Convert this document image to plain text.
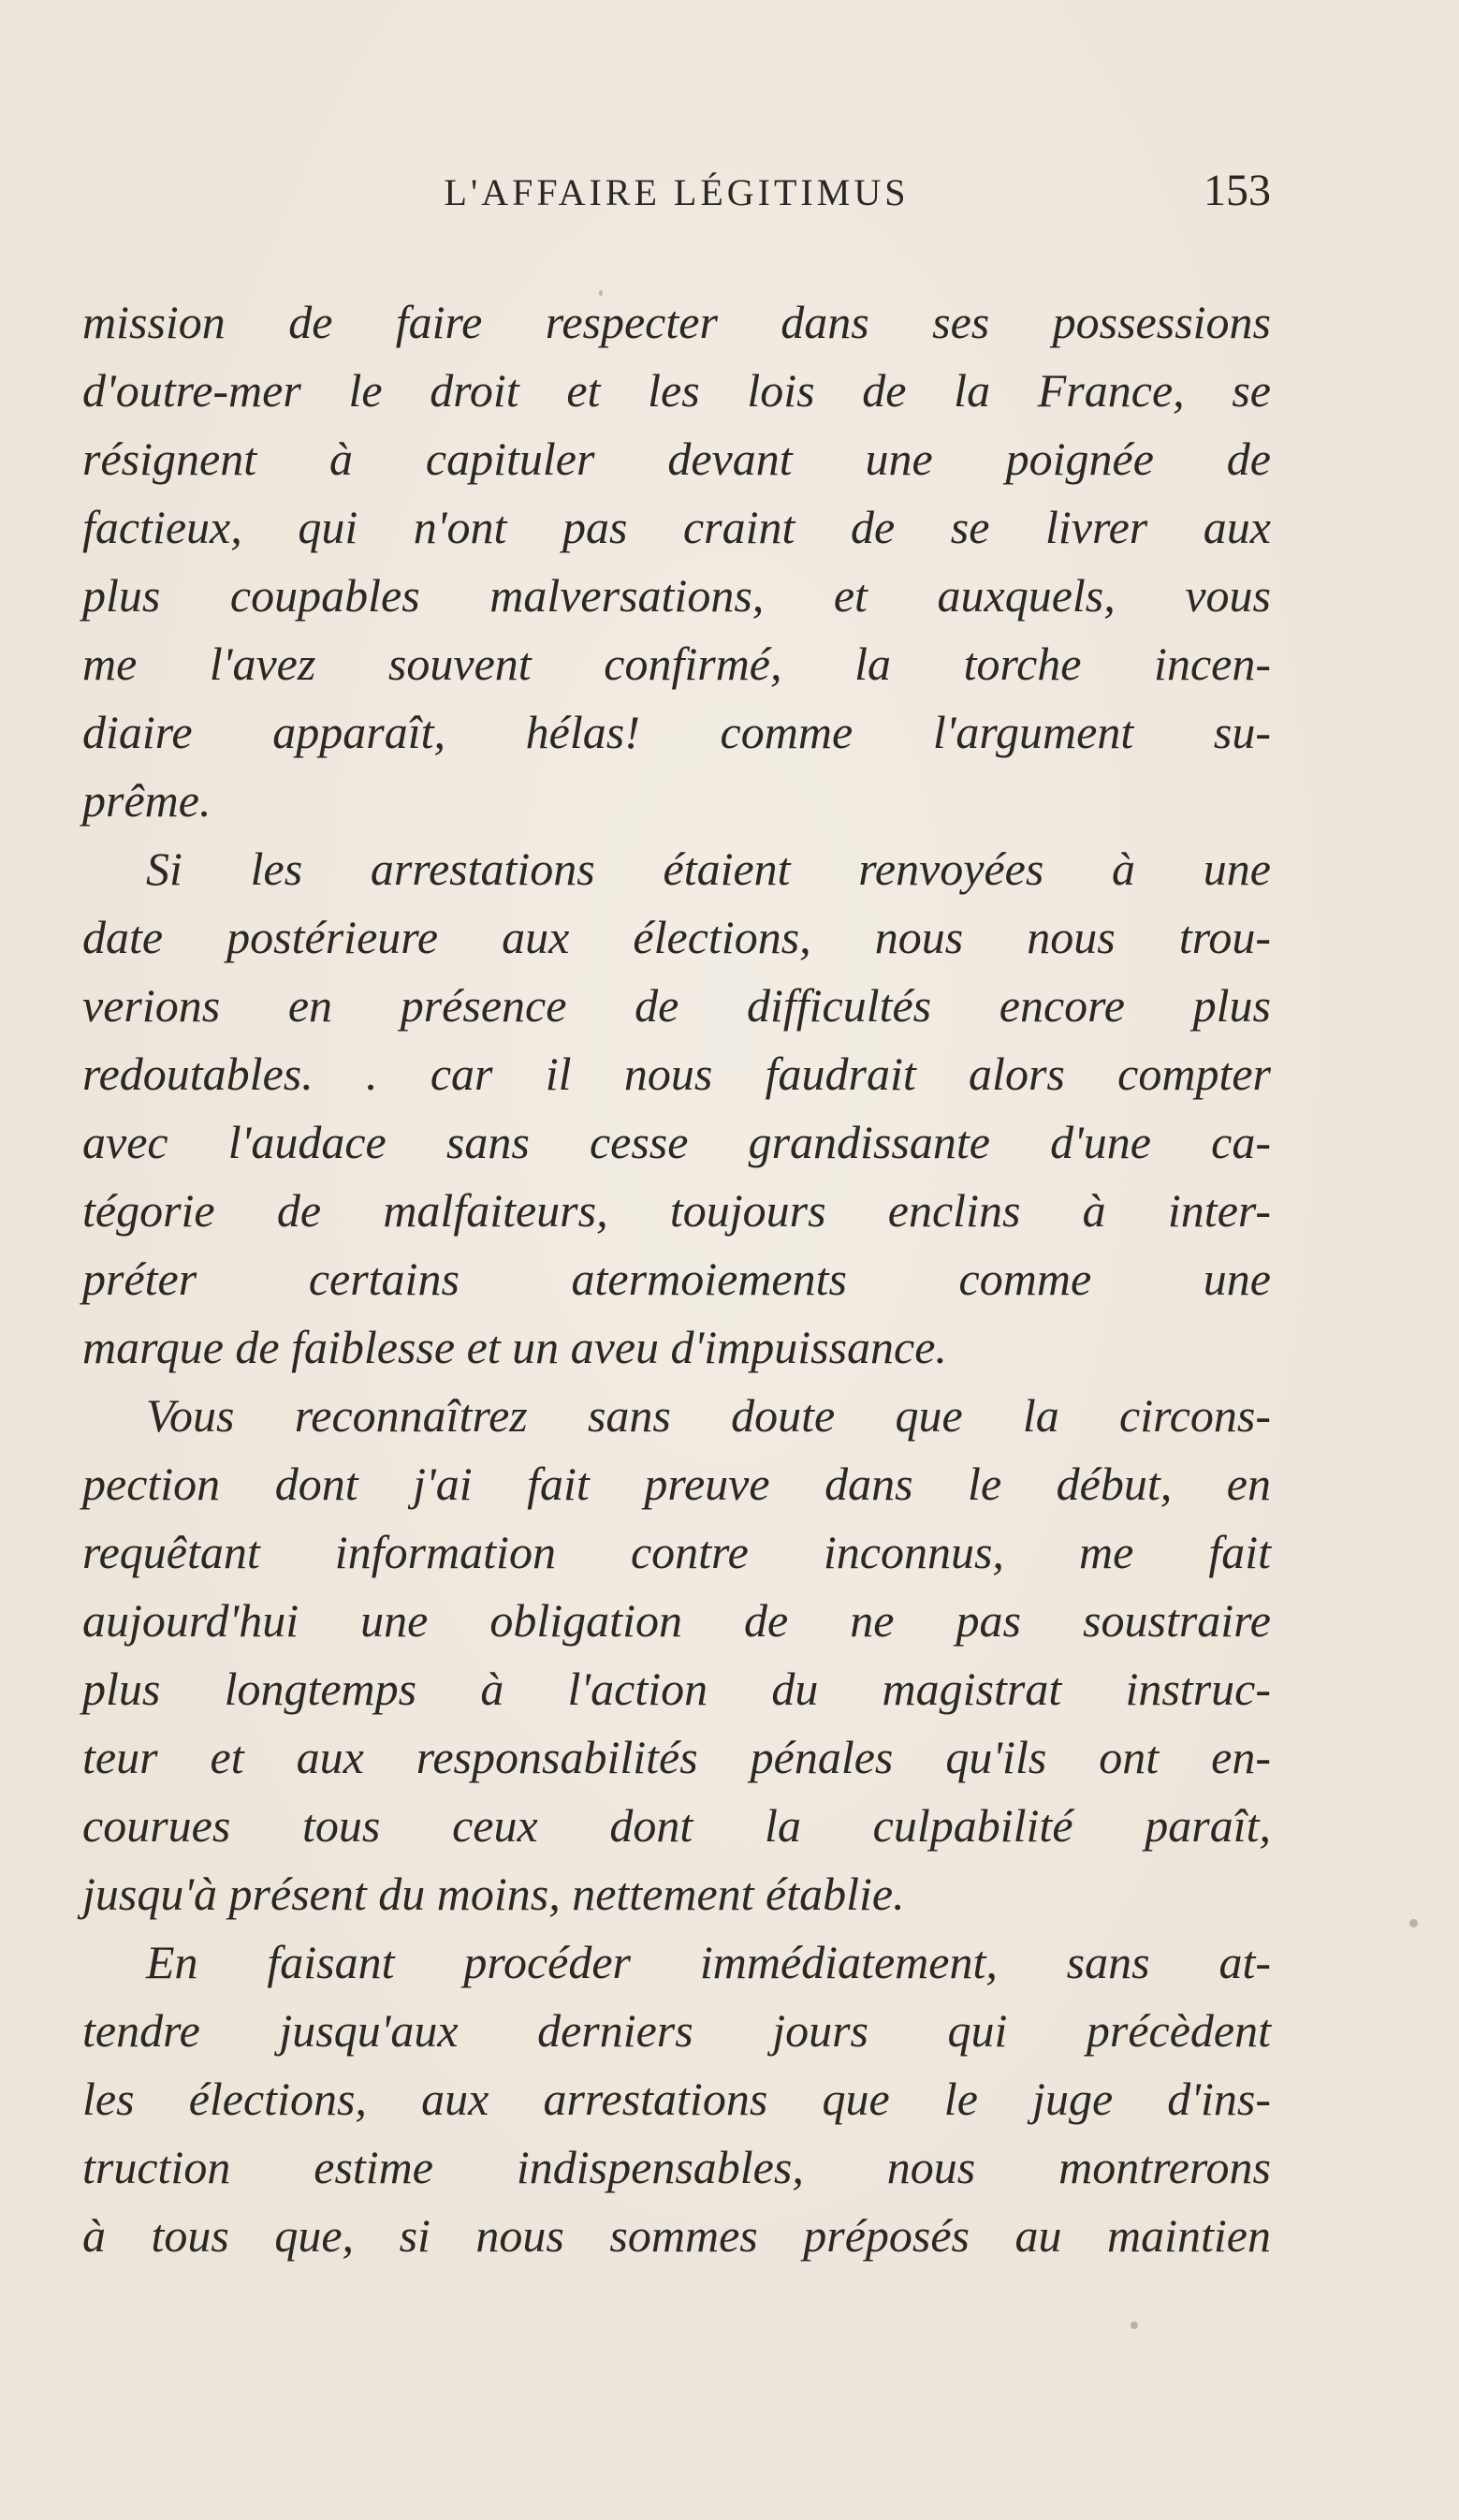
L'AFFAIRE LÉGITIMUS	153
mission de faire respecter dans ses possessions
d'outre-mer le droit et les lois de la France, se
résignent à capituler devant une poignée de
factieux, qui n'ont pas craint de se livrer aux
plus coupables malversations, et auxquels, vous
me l'avez souvent confirmé, la torche incen-
diaire apparaît, hélas! comme l'argument su-
prême.
Si les arrestations étaient renvoyées à une
date postérieure aux élections, nous nous trou-
verions en présence de difficultés encore plus
redoutables. . car il nous faudrait alors compter
avec l'audace sans cesse grandissante d'une ca-
tégorie de malfaiteurs, toujours enclins à inter-
préter certains atermoiements comme une
marque de faiblesse et un aveu d'impuissance.
Vous reconnaîtrez sans doute que la circons-
pection dont j'ai fait preuve dans le début, en
requêtant information contre inconnus, me fait
aujourd'hui une obligation de ne pas soustraire
plus longtemps à l'action du magistrat instruc-
teur et aux responsabilités pénales qu'ils ont en-
courues tous ceux dont la culpabilité paraît,
jusqu'à présent du moins, nettement établie.
En faisant procéder immédiatement, sans at-
tendre jusqu'aux derniers jours qui précèdent
les élections, aux arrestations que le juge d'ins-
truction estime indispensables, nous montrerons
à tous que, si nous sommes préposés au maintien
